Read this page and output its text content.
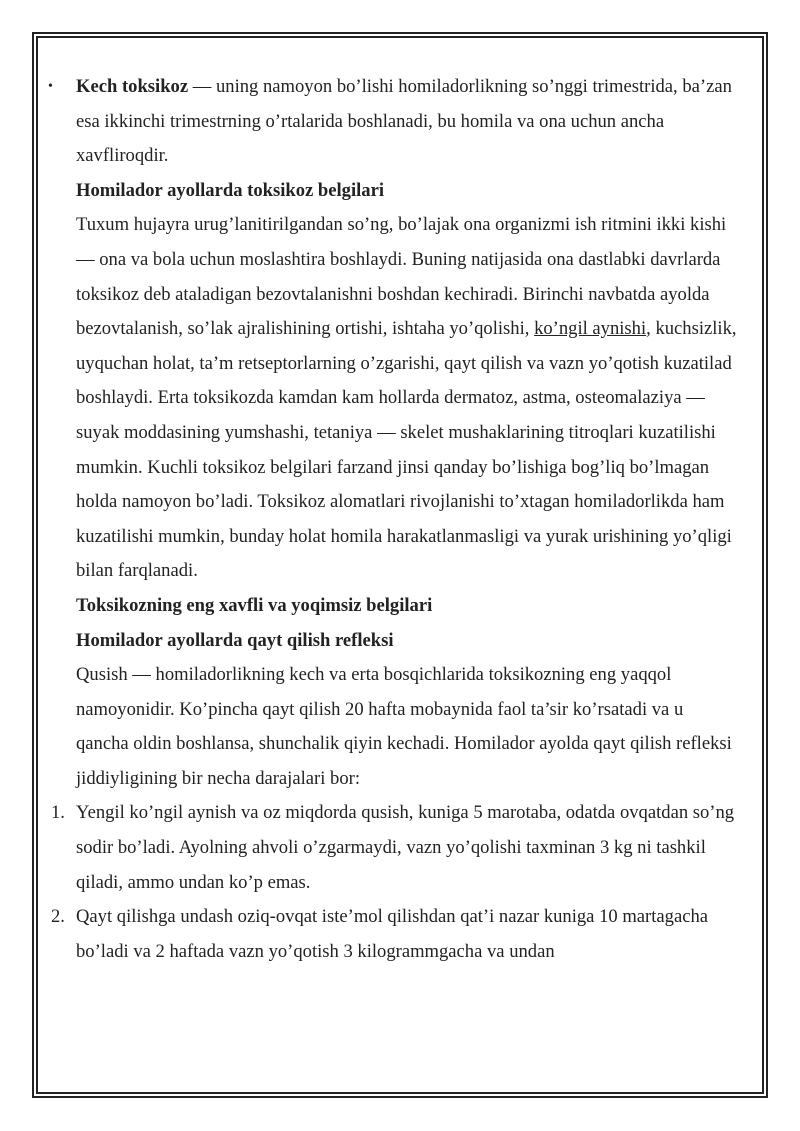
•	Kech toksikoz — uning namoyon bo’lishi homiladorlikning so’nggi trimestrida, ba’zan esa ikkinchi trimestrning o’rtalarida boshlanadi, bu homila va ona uchun ancha xavfliroqdir.
Homilador ayollarda toksikoz belgilari
Tuxum hujayra urug’lanitirilgandan so’ng, bo’lajak ona organizmi ish ritmini ikki kishi — ona va bola uchun moslashtira boshlaydi. Buning natijasida ona dastlabki davrlarda toksikoz deb ataladigan bezovtalanishni boshdan kechiradi. Birinchi navbatda ayolda bezovtalanish, so’lak ajralishining ortishi, ishtaha yo’qolishi, ko’ngil aynishi, kuchsizlik, uyquchan holat, ta’m retseptorlarning o’zgarishi, qayt qilish va vazn yo’qotish kuzatilad boshlaydi. Erta toksikozda kamdan kam hollarda dermatoz, astma, osteomalaziya — suyak moddasining yumshashi, tetaniya — skelet mushaklarining titroqlari kuzatilishi mumkin. Kuchli toksikoz belgilari farzand jinsi qanday bo’lishiga bog’liq bo’lmagan holda namoyon bo’ladi. Toksikoz alomatlari rivojlanishi to’xtagan homiladorlikda ham kuzatilishi mumkin, bunday holat homila harakatlanmasligi va yurak urishining yo’qligi bilan farqlanadi.
Toksikozning eng xavfli va yoqimsiz belgilari
Homilador ayollarda qayt qilish refleksi
Qusish — homiladorlikning kech va erta bosqichlarida toksikozning eng yaqqol namoyonidir. Ko’pincha qayt qilish 20 hafta mobaynida faol ta’sir ko’rsatadi va u qancha oldin boshlansa, shunchalik qiyin kechadi. Homilador ayolda qayt qilish refleksi jiddiyligining bir necha darajalari bor:
1. Yengil ko’ngil aynish va oz miqdorda qusish, kuniga 5 marotaba, odatda ovqatdan so’ng sodir bo’ladi. Ayolning ahvoli o’zgarmaydi, vazn yo’qolishi taxminan 3 kg ni tashkil qiladi, ammo undan ko’p emas.
2. Qayt qilishga undash oziq-ovqat iste’mol qilishdan qat’i nazar kuniga 10 martagacha bo’ladi va 2 haftada vazn yo’qotish 3 kilogrammgacha va undan
